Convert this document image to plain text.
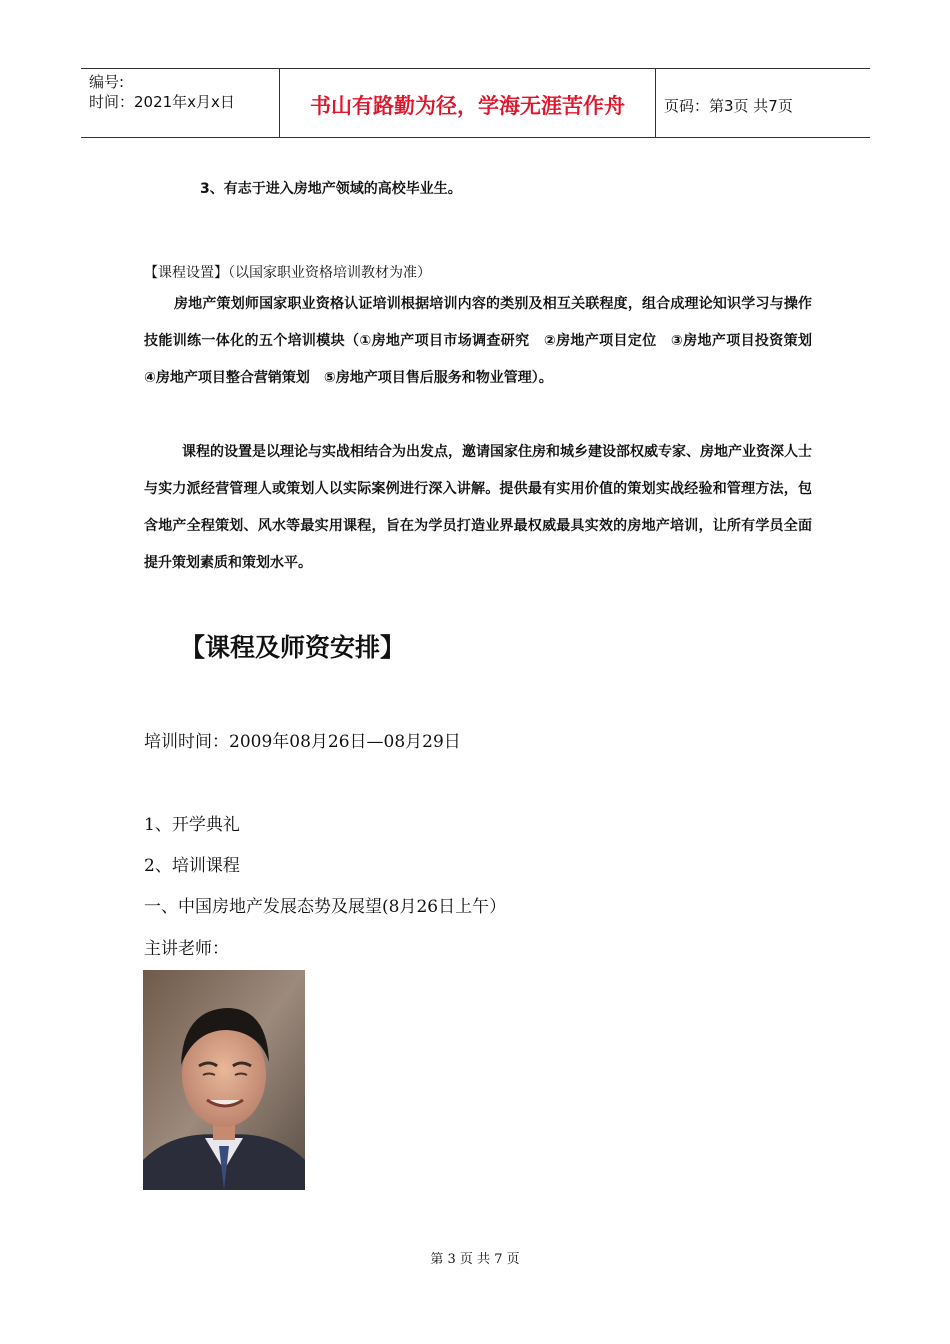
编号:
时间：2021年x月x日	书山有路勤为径，学海无涯苦作舟	页码：第3页 共7页
3、有志于进入房地产领域的高校毕业生。
【课程设置】（以国家职业资格培训教材为准）
房地产策划师国家职业资格认证培训根据培训内容的类别及相互关联程度，组合成理论知识学习与操作技能训练一体化的五个培训模块（①房地产项目市场调查研究　②房地产项目定位　③房地产项目投资策划　④房地产项目整合营销策划　⑤房地产项目售后服务和物业管理）。
课程的设置是以理论与实战相结合为出发点，邀请国家住房和城乡建设部权威专家、房地产业资深人士与实力派经营管理人或策划人以实际案例进行深入讲解。提供最有实用价值的策划实战经验和管理方法，包含地产全程策划、风水等最实用课程，旨在为学员打造业界最权威最具实效的房地产培训，让所有学员全面提升策划素质和策划水平。
【课程及师资安排】
培训时间：2009年08月26日—08月29日
1、开学典礼
2、培训课程
一、中国房地产发展态势及展望(8月26日上午）
主讲老师：
第 3 页 共 7 页
